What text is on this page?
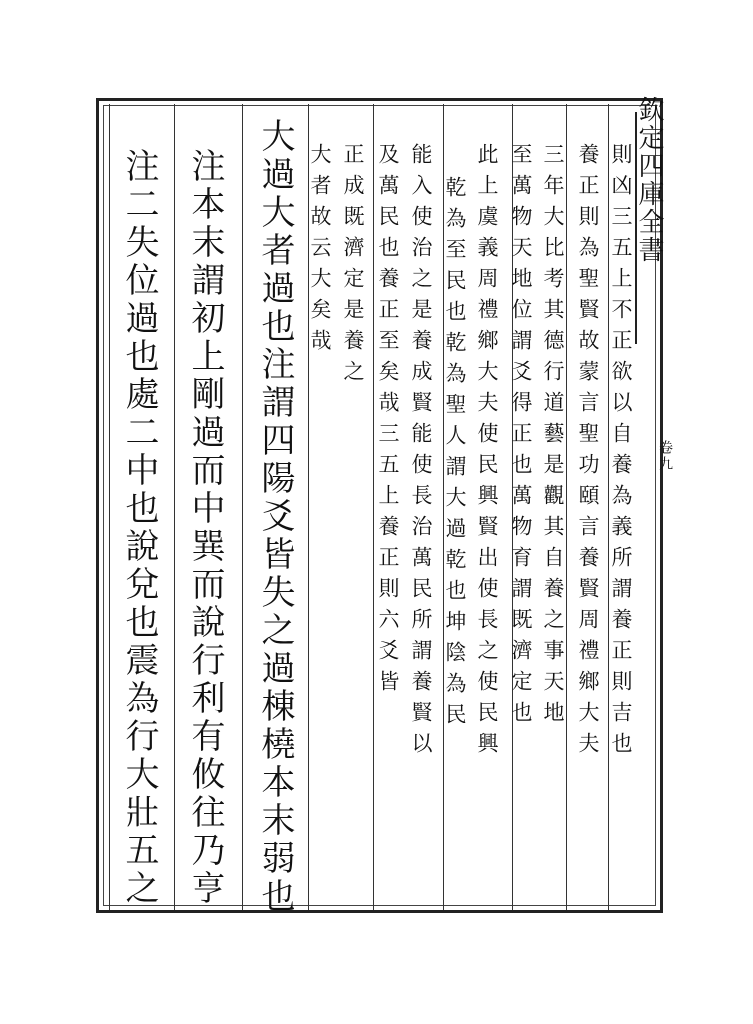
欽定四庫全書
卷九
則凶三五上不正欲以自養為義所謂養正則吉也
養正則為聖賢故蒙言聖功頤言養賢周禮鄉大夫
三年大比考其德行道藝是觀其自養之事天地
至萬物天地位謂爻得正也萬物育謂既濟定也
此上虞義周禮鄉大夫使民興賢出使長之使民興
乾為至民也乾為聖人謂大過乾也坤陰為民
能入使治之是養成賢能使長治萬民所謂養賢以
及萬民也養正至矣哉三五上養正則六爻皆
正成既濟定是養之
大者故云大矣哉
大過大者過也注謂四陽爻皆失之過棟橈本末弱也
注本末謂初上剛過而中巽而說行利有攸往乃亨
注二失位過也處二中也說兌也震為行大壯五之
